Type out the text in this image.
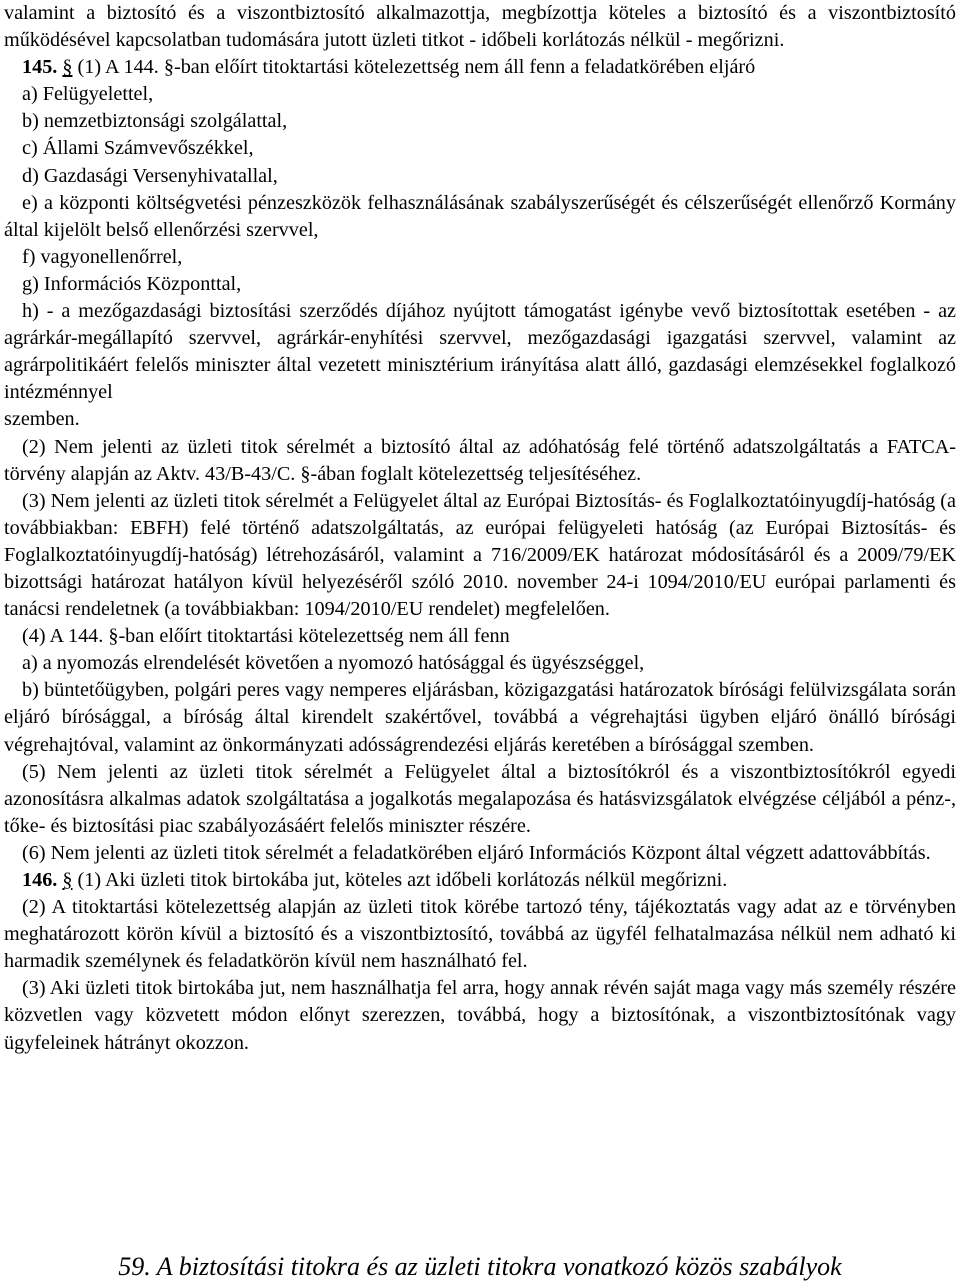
valamint a biztosító és a viszontbiztosító alkalmazottja, megbízottja köteles a biztosító és a viszontbiztosító működésével kapcsolatban tudomására jutott üzleti titkot - időbeli korlátozás nélkül - megőrizni.

145. § (1) A 144. §-ban előírt titoktartási kötelezettség nem áll fenn a feladatkörében eljáró

a) Felügyelettel,

b) nemzetbiztonsági szolgálattal,

c) Állami Számvevőszékkel,

d) Gazdasági Versenyhivatallal,

e) a központi költségvetési pénzeszközök felhasználásának szabályszerűségét és célszerűségét ellenőrző Kormány által kijelölt belső ellenőrzési szervvel,

f) vagyonellenőrrel,

g) Információs Központtal,

h) - a mezőgazdasági biztosítási szerződés díjához nyújtott támogatást igénybe vevő biztosítottak esetében - az agrárkár-megállapító szervvel, agrárkár-enyhítési szervvel, mezőgazdasági igazgatási szervvel, valamint az agrárpolitikáért felelős miniszter által vezetett minisztérium irányítása alatt álló, gazdasági elemzésekkel foglalkozó intézménnyel

szemben.

(2) Nem jelenti az üzleti titok sérelmét a biztosító által az adóhatóság felé történő adatszolgáltatás a FATCA-törvény alapján az Aktv. 43/B-43/C. §-ában foglalt kötelezettség teljesítéséhez.

(3) Nem jelenti az üzleti titok sérelmét a Felügyelet által az Európai Biztosítás- és Foglalkoztatóinyugdíj-hatóság (a továbbiakban: EBFH) felé történő adatszolgáltatás, az európai felügyeleti hatóság (az Európai Biztosítás- és Foglalkoztatóinyugdíj-hatóság) létrehozásáról, valamint a 716/2009/EK határozat módosításáról és a 2009/79/EK bizottsági határozat hatályon kívül helyezéséről szóló 2010. november 24-i 1094/2010/EU európai parlamenti és tanácsi rendeletnek (a továbbiakban: 1094/2010/EU rendelet) megfelelően.

(4) A 144. §-ban előírt titoktartási kötelezettség nem áll fenn

a) a nyomozás elrendelését követően a nyomozó hatósággal és ügyészséggel,

b) büntetőügyben, polgári peres vagy nemperes eljárásban, közigazgatási határozatok bírósági felülvizsgálata során eljáró bírósággal, a bíróság által kirendelt szakértővel, továbbá a végrehajtási ügyben eljáró önálló bírósági végrehajtóval, valamint az önkormányzati adósságrendezési eljárás keretében a bírósággal szemben.

(5) Nem jelenti az üzleti titok sérelmét a Felügyelet által a biztosítókról és a viszontbiztosítókról egyedi azonosításra alkalmas adatok szolgáltatása a jogalkotás megalapozása és hatásvizsgálatok elvégzése céljából a pénz-, tőke- és biztosítási piac szabályozásáért felelős miniszter részére.

(6) Nem jelenti az üzleti titok sérelmét a feladatkörében eljáró Információs Központ által végzett adattovábbítás.

146. § (1) Aki üzleti titok birtokába jut, köteles azt időbeli korlátozás nélkül megőrizni.

(2) A titoktartási kötelezettség alapján az üzleti titok körébe tartozó tény, tájékoztatás vagy adat az e törvényben meghatározott körön kívül a biztosító és a viszontbiztosító, továbbá az ügyfél felhatalmazása nélkül nem adható ki harmadik személynek és feladatkörön kívül nem használható fel.

(3) Aki üzleti titok birtokába jut, nem használhatja fel arra, hogy annak révén saját maga vagy más személy részére közvetlen vagy közvetett módon előnyt szerezzen, továbbá, hogy a biztosítónak, a viszontbiztosítónak vagy ügyfeleinek hátrányt okozzon.

59. A biztosítási titokra és az üzleti titokra vonatkozó közös szabályok
